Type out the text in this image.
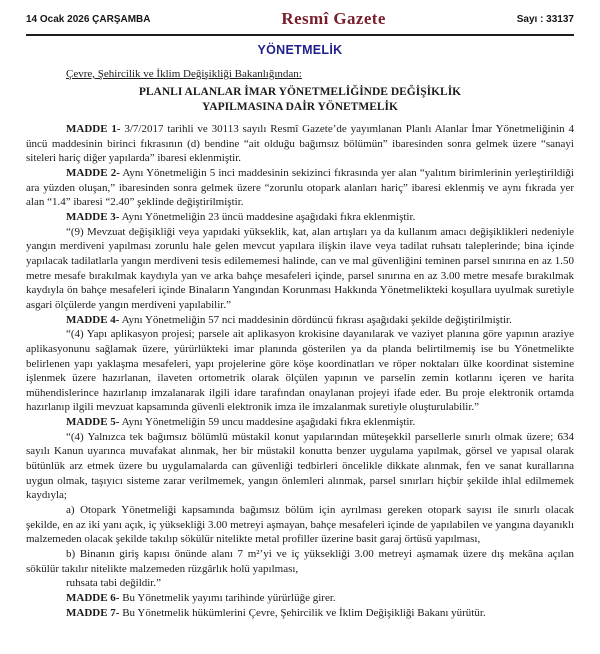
14 Ocak 2026 ÇARŞAMBA	Resmî Gazete	Sayı : 33137
YÖNETMELİK
Çevre, Şehircilik ve İklim Değişikliği Bakanlığından:
PLANLI ALANLAR İMAR YÖNETMELİĞİNDE DEĞİŞİKLİK
YAPILMASINA DAİR YÖNETMELİK

MADDE 1- 3/7/2017 tarihli ve 30113 sayılı Resmî Gazete’de yayımlanan Planlı Alanlar İmar Yönetmeliğinin 4 üncü maddesinin birinci fıkrasının (d) bendine “ait olduğu bağımsız bölümün” ibaresinden sonra gelmek üzere “sanayi siteleri hariç diğer yapılarda” ibaresi eklenmiştir.

MADDE 2- Aynı Yönetmeliğin 5 inci maddesinin sekizinci fıkrasında yer alan “yalıtım birimlerinin yerleştirildiği ara yüzden oluşan,” ibaresinden sonra gelmek üzere “zorunlu otopark alanları hariç” ibaresi eklenmiş ve aynı fıkrada yer alan “1.4” ibaresi “2.40” şeklinde değiştirilmiştir.

MADDE 3- Aynı Yönetmeliğin 23 üncü maddesine aşağıdaki fıkra eklenmiştir.

“(9) Mevzuat değişikliği veya yapıdaki yükseklik, kat, alan artışları ya da kullanım amacı değişiklikleri nedeniyle yangın merdiveni yapılması zorunlu hale gelen mevcut yapılara ilişkin ilave veya tadilat ruhsatı taleplerinde; bina içinde yapılacak tadilatlarla yangın merdiveni tesis edilememesi halinde, can ve mal güvenliğini teminen parsel sınırına en az 1.50 metre mesafe bırakılmak kaydıyla yan ve arka bahçe mesafeleri içinde, parsel sınırına en az 3.00 metre mesafe bırakılmak kaydıyla ön bahçe mesafeleri içinde Binaların Yangından Korunması Hakkında Yönetmelikteki koşullara uyulmak suretiyle asgari ölçülerde yangın merdiveni yapılabilir.”

MADDE 4- Aynı Yönetmeliğin 57 nci maddesinin dördüncü fıkrası aşağıdaki şekilde değiştirilmiştir.

“(4) Yapı aplikasyon projesi; parsele ait aplikasyon krokisine dayanılarak ve vaziyet planına göre yapının araziye aplikasyonunu sağlamak üzere, yürürlükteki imar planında gösterilen ya da planda belirtilmemiş ise bu Yönetmelikte belirlenen yapı yaklaşma mesafeleri, yapı projelerine göre köşe koordinatları ve röper noktaları ülke koordinat sistemine işlenmek üzere hazırlanan, ilaveten ortometrik olarak ölçülen yapının ve parselin zemin kotlarını içeren ve harita mühendislerince hazırlanıp imzalanarak ilgili idare tarafından onaylanan projeyi ifade eder. Bu proje elektronik ortamda hazırlanıp ilgili mevzuat kapsamında güvenli elektronik imza ile imzalanmak suretiyle oluşturulabilir.”

MADDE 5- Aynı Yönetmeliğin 59 uncu maddesine aşağıdaki fıkra eklenmiştir.

“(4) Yalnızca tek bağımsız bölümlü müstakil konut yapılarından müteşekkil parsellerle sınırlı olmak üzere; 634 sayılı Kanun uyarınca muvafakat alınmak, her bir müstakil konutta benzer uygulama yapılmak, görsel ve yapısal olarak bütünlük arz etmek üzere bu uygulamalarda can güvenliği tedbirleri öncelikle dikkate alınmak, fen ve sanat kurallarına uygun olmak, taşıyıcı sisteme zarar verilmemek, yangın önlemleri alınmak, parsel sınırları hiçbir şekilde ihlal edilmemek kaydıyla;

a) Otopark Yönetmeliği kapsamında bağımsız bölüm için ayrılması gereken otopark sayısı ile sınırlı olacak şekilde, en az iki yanı açık, iç yüksekliği 3.00 metreyi aşmayan, bahçe mesafeleri içinde de yapılabilen ve yangına dayanıklı malzemeden olacak şekilde takılıp sökülür nitelikte metal profiller üzerine basit garaj örtüsü yapılması,

b) Binanın giriş kapısı önünde alanı 7 m²’yi ve iç yüksekliği 3.00 metreyi aşmamak üzere dış mekâna açılan sökülür takılır nitelikte malzemeden rüzgârlık holü yapılması,

ruhsata tabi değildir.”

MADDE 6- Bu Yönetmelik yayımı tarihinde yürürlüğe girer.

MADDE 7- Bu Yönetmelik hükümlerini Çevre, Şehircilik ve İklim Değişikliği Bakanı yürütür.
